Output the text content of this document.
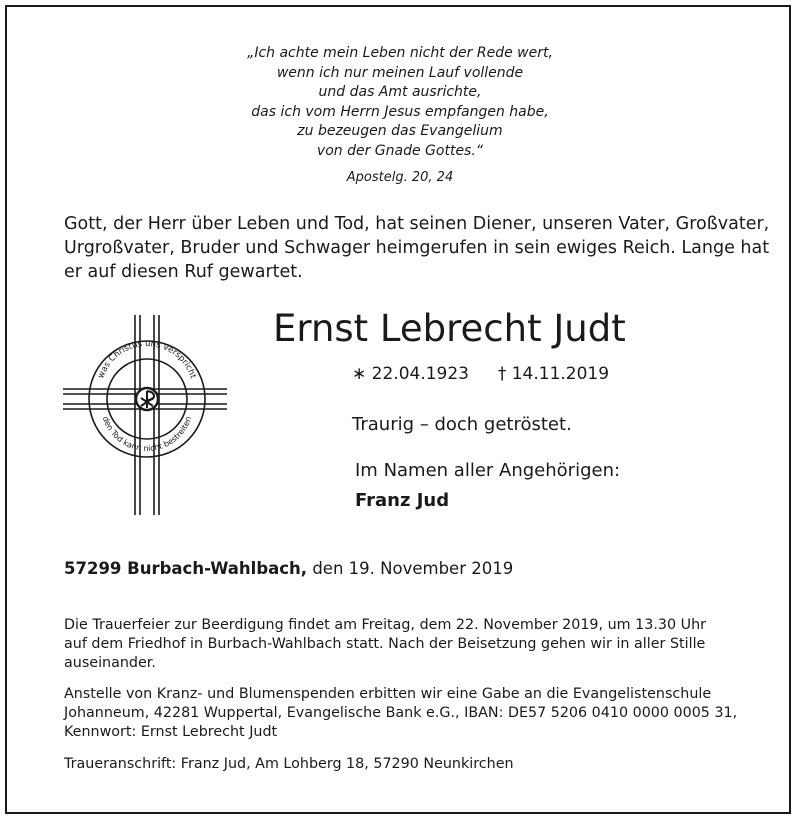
„Ich achte mein Leben nicht der Rede wert,
wenn ich nur meinen Lauf vollende
und das Amt ausrichte,
das ich vom Herrn Jesus empfangen habe,
zu bezeugen das Evangelium
von der Gnade Gottes.“
Apostelg. 20, 24
Gott, der Herr über Leben und Tod, hat seinen Diener, unseren Vater, Großvater,
Urgroßvater, Bruder und Schwager heimgerufen in sein ewiges Reich. Lange hat
er auf diesen Ruf gewartet.
was Christus uns verspricht
den Tod kann nicht bestreiten
Ernst Lebrecht Judt
∗ 22.04.1923 † 14.11.2019
Traurig – doch getröstet.
Im Namen aller Angehörigen:
Franz Jud
57299 Burbach-Wahlbach, den 19. November 2019
Die Trauerfeier zur Beerdigung findet am Freitag, dem 22. November 2019, um 13.30 Uhr
auf dem Friedhof in Burbach-Wahlbach statt. Nach der Beisetzung gehen wir in aller Stille
auseinander.
Anstelle von Kranz- und Blumenspenden erbitten wir eine Gabe an die Evangelistenschule
Johanneum, 42281 Wuppertal, Evangelische Bank e.G., IBAN: DE57 5206 0410 0000 0005 31,
Kennwort: Ernst Lebrecht Judt
Traueranschrift: Franz Jud, Am Lohberg 18, 57290 Neunkirchen
